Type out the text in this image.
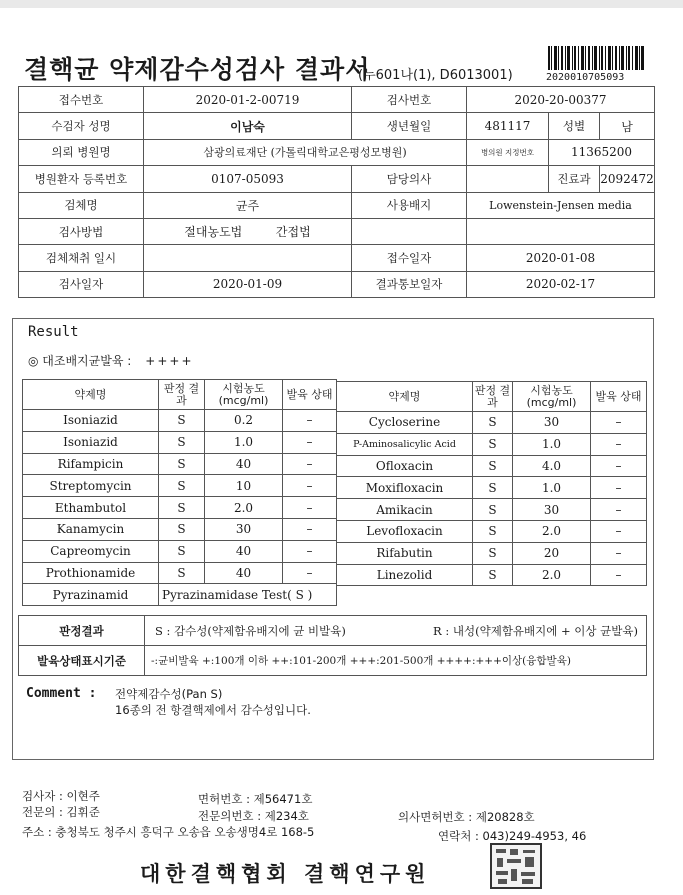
결핵균 약제감수성검사 결과서
(누601나(1), D6013001)	2020010705093
접수번호	2020-01-2-00719	검사번호	2020-20-00377		
수검자 성명	이남숙	생년월일	481117	성별	남
의뢰 병원명	삼광의료재단 (가톨릭대학교은평성모병원)		병의원 지정번호	11365200	
병원환자 등록번호	0107-05093	담당의사		진료과	2092472
검체명	균주	사용배지	Lowenstein-Jensen media		
검사방법	절대농도법 간접법				
검체채취 일시		접수일자	2020-01-08		
검사일자	2020-01-09	결과통보일자	2020-02-17		
Result
◎ 대조배지균발육 : ++++
약제명	판정 결과	시험농도 (mcg/ml)	발육 상태
Isoniazid	S	0.2	–
Isoniazid	S	1.0	–
Rifampicin	S	40	–
Streptomycin	S	10	–
Ethambutol	S	2.0	–
Kanamycin	S	30	–
Capreomycin	S	40	–
Prothionamide	S	40	–
Pyrazinamid	Pyrazinamidase Test( S )		
약제명	판정 결과	시험농도 (mcg/ml)	발육 상태
Cycloserine	S	30	–
P-Aminosalicylic Acid	S	1.0	–
Ofloxacin	S	4.0	–
Moxifloxacin	S	1.0	–
Amikacin	S	30	–
Levofloxacin	S	2.0	–
Rifabutin	S	20	–
Linezolid	S	2.0	–
판정결과	S : 감수성(약제함유배지에 균 비발육) R : 내성(약제함유배지에 + 이상 균발육)

발육상태표시기준	-:균비발육 +:100개 이하 ++:101-200개 +++:201-500개 ++++:+++이상(융합발육)
Comment : 전약제감수성(Pan S)
16종의 전 항결핵제에서 감수성입니다.
검사자 : 이현주	면허번호 : 제56471호
전문의 : 김휘준	전문의번호 : 제234호	의사면허번호 : 제20828호
주소 : 충청북도 청주시 흥덕구 오송읍 오송생명4로 168-5	연락처 : 043)249-4953, 46
대한결핵협회 결핵연구원
